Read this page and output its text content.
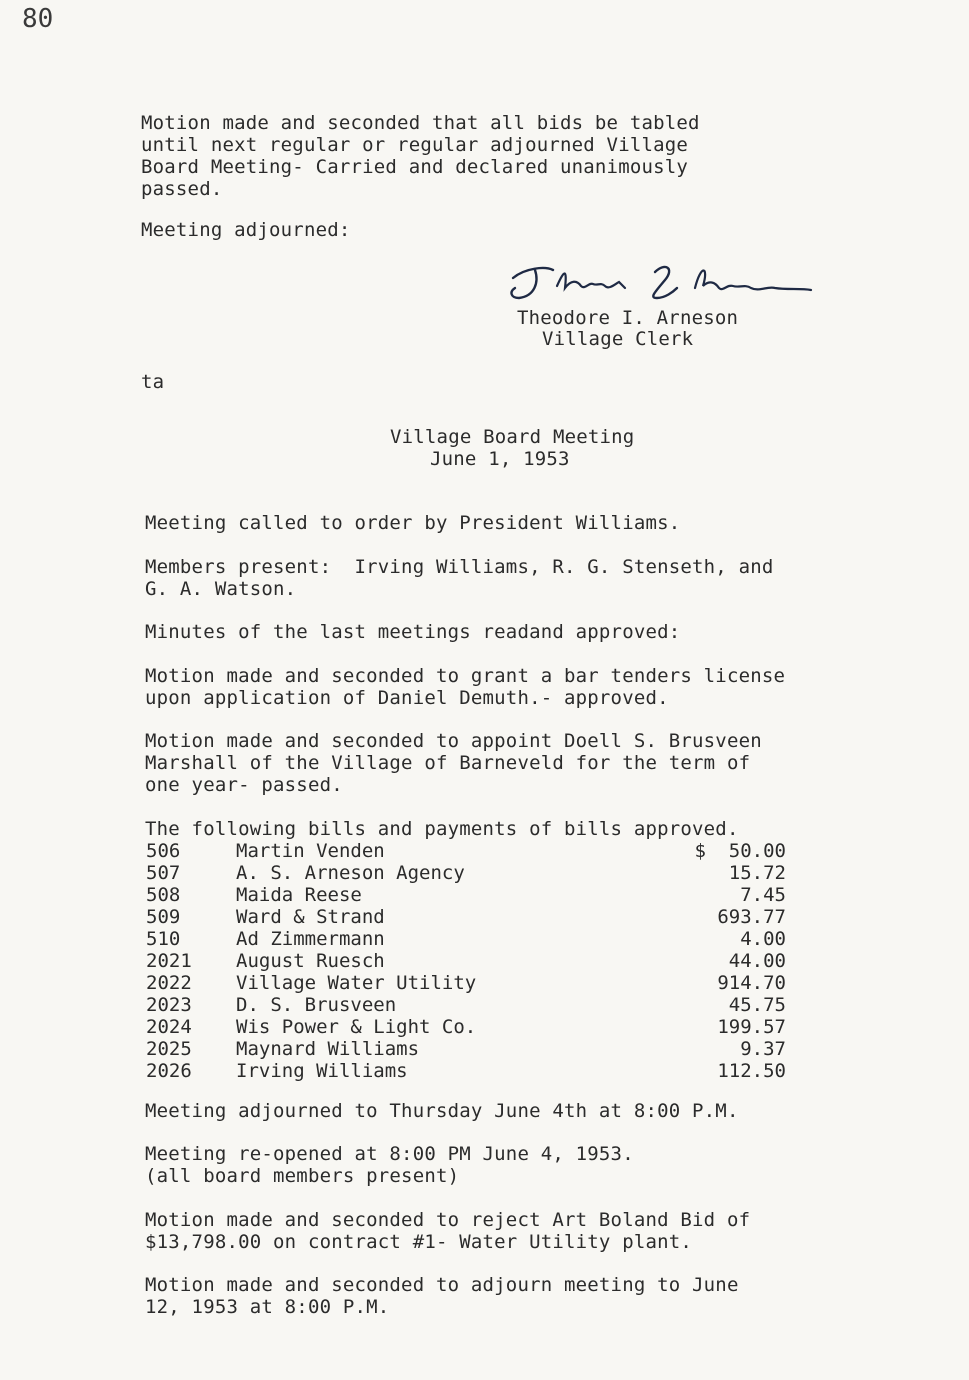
80
Motion made and seconded that all bids be tabled
until next regular or regular adjourned Village
Board Meeting- Carried and declared unanimously
passed.
Meeting adjourned:
Theodore I. Arneson
Village Clerk
ta
Village Board Meeting
June 1, 1953
Meeting called to order by President Williams.
Members present:  Irving Williams, R. G. Stenseth, and
G. A. Watson.
Minutes of the last meetings readand approved:
Motion made and seconded to grant a bar tenders license
upon application of Daniel Demuth.- approved.
Motion made and seconded to appoint Doell S. Brusveen
Marshall of the Village of Barneveld for the term of
one year- passed.
The following bills and payments of bills approved.
506	Martin Venden	$  50.00
507	A. S. Arneson Agency	15.72
508	Maida Reese	7.45
509	Ward & Strand	693.77
510	Ad Zimmermann	4.00
2021 August Ruesch	44.00
2022 Village Water Utility	914.70
2023 D. S. Brusveen	45.75
2024 Wis Power & Light Co.	199.57
2025 Maynard Williams	9.37
2026 Irving Williams	112.50
Meeting adjourned to Thursday June 4th at 8:00 P.M.
Meeting re-opened at 8:00 PM June 4, 1953.
(all board members present)
Motion made and seconded to reject Art Boland Bid of
$13,798.00 on contract #1- Water Utility plant.
Motion made and seconded to adjourn meeting to June
12, 1953 at 8:00 P.M.
